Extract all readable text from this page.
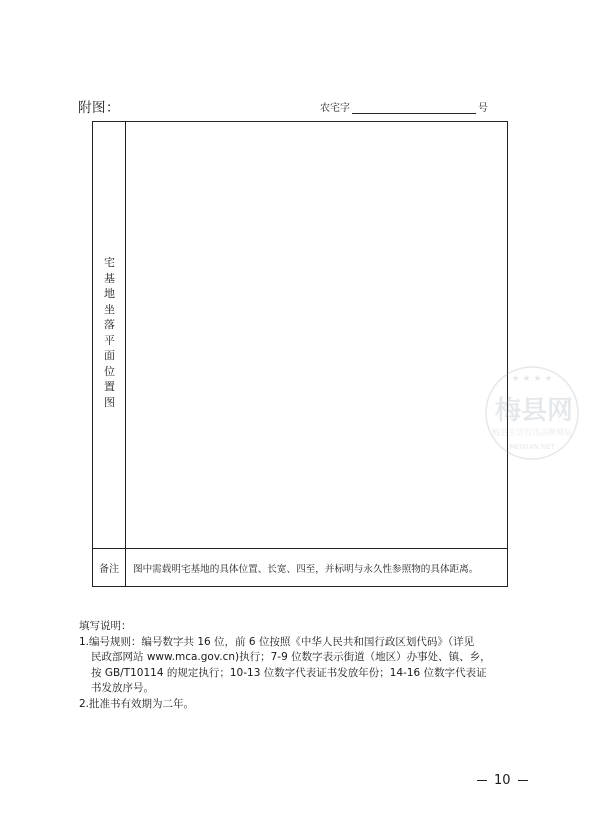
附图：	农宅字	号
宅
基
地
坐
落
平
面
位
置
图
备注	图中需载明宅基地的具体位置、长宽、四至，并标明与永久性参照物的具体距离。
填写说明：
1.编号规则：编号数字共 16 位，前 6 位按照《中华人民共和国行政区划代码》（详见
民政部网站 www.mca.gov.cn)执行；7-9 位数字表示街道（地区）办事处、镇、乡，
按 GB/T10114 的规定执行；10-13 位数字代表证书发放年份；14-16 位数字代表证
书发放序号。
2.批准书有效期为二年。
10
★ ★ ★ ★
梅县网
梅县生活资讯品牌网站
MEIXIAN.NET
